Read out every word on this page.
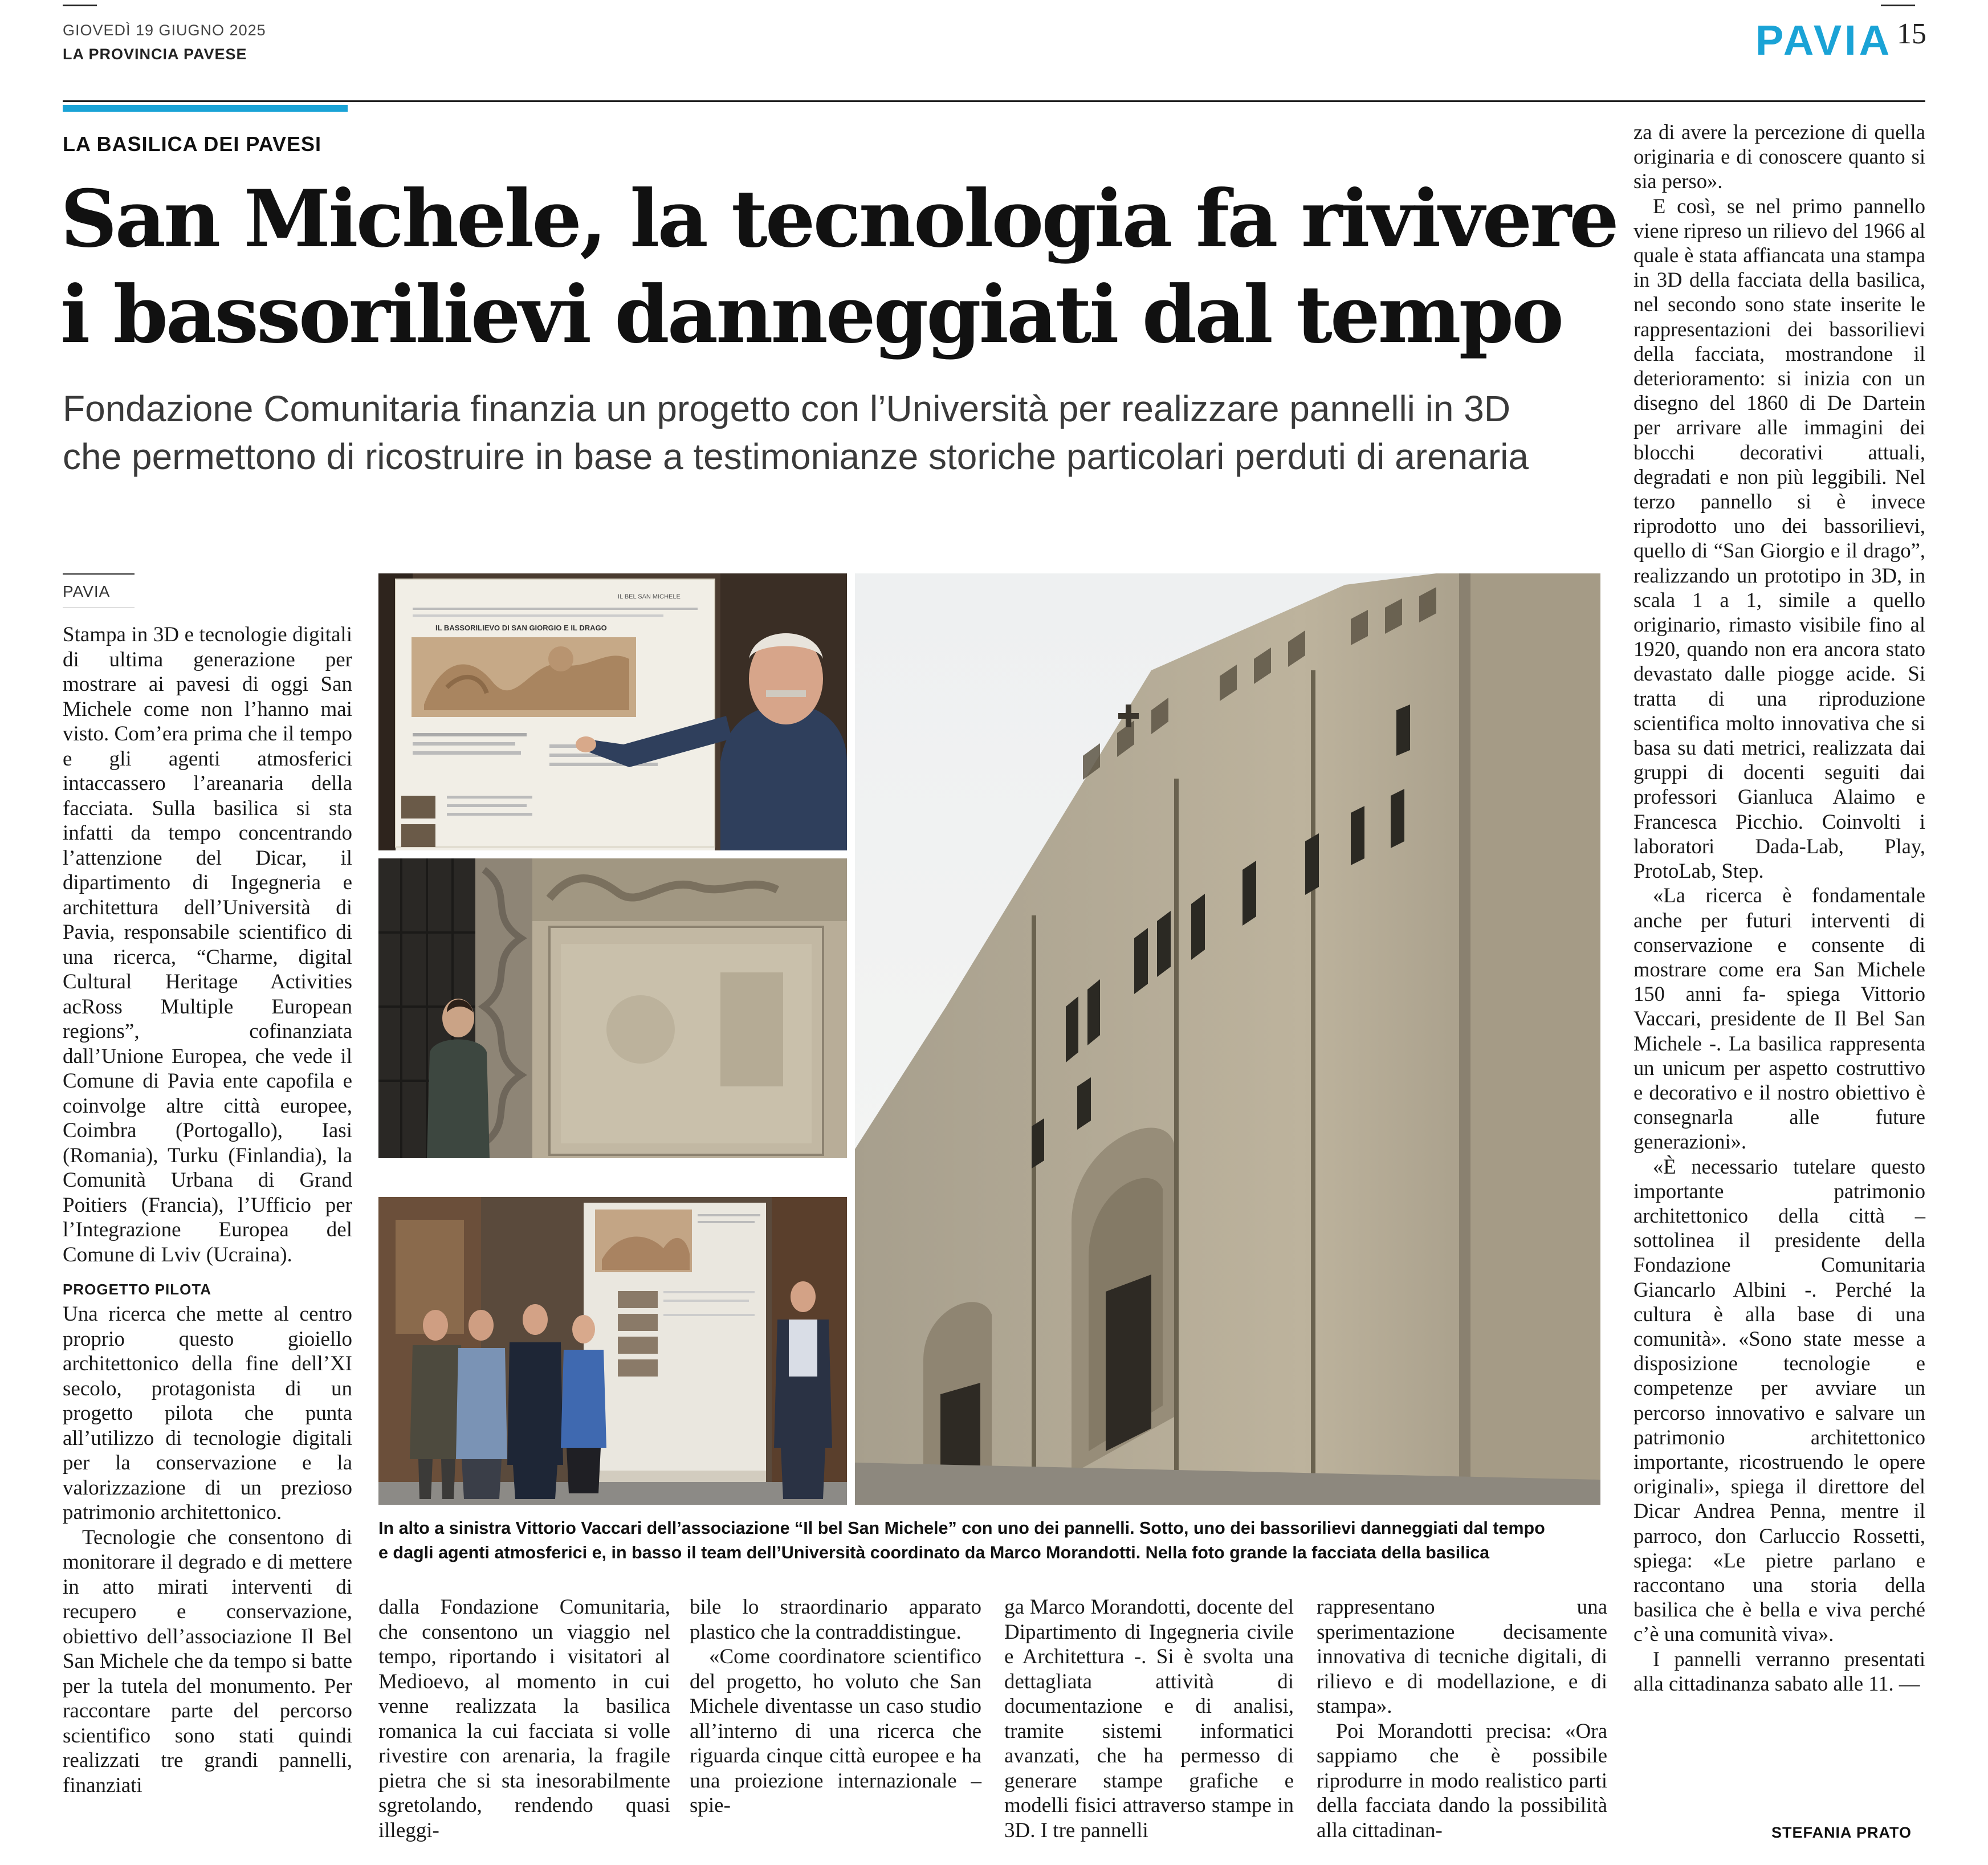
GIOVEDÌ 19 GIUGNO 2025
LA PROVINCIA PAVESE	PAVIA 15
LA BASILICA DEI PAVESI
San Michele, la tecnologia fa rivivere
i bassorilievi danneggiati dal tempo
Fondazione Comunitaria finanzia un progetto con l’Università per realizzare pannelli in 3D
che permettono di ricostruire in base a testimonianze storiche particolari perduti di arenaria
PAVIA

Stampa in 3D e tecnologie digitali di ultima generazione per mostrare ai pavesi di oggi San Michele come non l’hanno mai visto. Com’era prima che il tempo e gli agenti atmosferici intaccassero l’areanaria della facciata. Sulla basilica si sta infatti da tempo concentrando l’attenzione del Dicar, il dipartimento di Ingegneria e architettura dell’Università di Pavia, responsabile scientifico di una ricerca, “Charme, digital Cultural Heritage Activities acRoss Multiple European regions”, cofinanziata dall’Unione Europea, che vede il Comune di Pavia ente capofila e coinvolge altre città europee, Coimbra (Portogallo), Iasi (Romania), Turku (Finlandia), la Comunità Urbana di Grand Poitiers (Francia), l’Ufficio per l’Integrazione Europea del Comune di Lviv (Ucraina).

PROGETTO PILOTA

Una ricerca che mette al centro proprio questo gioiello architettonico della fine dell’XI secolo, protagonista di un progetto pilota che punta all’utilizzo di tecnologie digitali per la conservazione e la valorizzazione di un prezioso patrimonio architettonico.

Tecnologie che consentono di monitorare il degrado e di mettere in atto mirati interventi di recupero e conservazione, obiettivo dell’associazione Il Bel San Michele che da tempo si batte per la tutela del monumento. Per raccontare parte del percorso scientifico sono stati quindi realizzati tre grandi pannelli, finanziati

dalla Fondazione Comunitaria, che consentono un viaggio nel tempo, riportando i visitatori al Medioevo, al momento in cui venne realizzata la basilica romanica la cui facciata si volle rivestire con arenaria, la fragile pietra che si sta inesorabilmente sgretolando, rendendo quasi illeggi-

bile lo straordinario apparato plastico che la contraddistingue.

«Come coordinatore scientifico del progetto, ho voluto che San Michele diventasse un caso studio all’interno di una ricerca che riguarda cinque città europee e ha una proiezione internazionale – spie-

ga Marco Morandotti, docente del Dipartimento di Ingegneria civile e Architettura -. Si è svolta una dettagliata attività di documentazione e di analisi, tramite sistemi informatici avanzati, che ha permesso di generare stampe grafiche e modelli fisici attraverso stampe in 3D. I tre pannelli

rappresentano una sperimentazione decisamente innovativa di tecniche digitali, di rilievo e di modellazione, e di stampa».

Poi Morandotti precisa: «Ora sappiamo che è possibile riprodurre in modo realistico parti della facciata dando la possibilità alla cittadinan-

za di avere la percezione di quella originaria e di conoscere quanto si sia perso».

E così, se nel primo pannello viene ripreso un rilievo del 1966 al quale è stata affiancata una stampa in 3D della facciata della basilica, nel secondo sono state inserite le rappresentazioni dei bassorilievi della facciata, mostrandone il deterioramento: si inizia con un disegno del 1860 di De Dartein per arrivare alle immagini dei blocchi decorativi attuali, degradati e non più leggibili. Nel terzo pannello si è invece riprodotto uno dei bassorilievi, quello di “San Giorgio e il drago”, realizzando un prototipo in 3D, in scala 1 a 1, simile a quello originario, rimasto visibile fino al 1920, quando non era ancora stato devastato dalle piogge acide. Si tratta di una riproduzione scientifica molto innovativa che si basa su dati metrici, realizzata dai gruppi di docenti seguiti dai professori Gianluca Alaimo e Francesca Picchio. Coinvolti i laboratori Dada-Lab, Play, ProtoLab, Step.

«La ricerca è fondamentale anche per futuri interventi di conservazione e consente di mostrare come era San Michele 150 anni fa- spiega Vittorio Vaccari, presidente de Il Bel San Michele -. La basilica rappresenta un unicum per aspetto costruttivo e decorativo e il nostro obiettivo è consegnarla alle future generazioni».

«È necessario tutelare questo importante patrimonio architettonico della città – sottolinea il presidente della Fondazione Comunitaria Giancarlo Albini -. Perché la cultura è alla base di una comunità». «Sono state messe a disposizione tecnologie e competenze per avviare un percorso innovativo e salvare un patrimonio architettonico importante, ricostruendo le opere originali», spiega il direttore del Dicar Andrea Penna, mentre il parroco, don Carluccio Rossetti, spiega: «Le pietre parlano e raccontano una storia della basilica che è bella e viva perché c’è una comunità viva».

I pannelli verranno presentati alla cittadinanza sabato alle 11. —

STEFANIA PRATO
IL BEL SAN MICHELE
IL BASSORILIEVO DI SAN GIORGIO E IL DRAGO
In alto a sinistra Vittorio Vaccari dell’associazione “Il bel San Michele” con uno dei pannelli. Sotto, uno dei bassorilievi danneggiati dal tempo
e dagli agenti atmosferici e, in basso il team dell’Università coordinato da Marco Morandotti. Nella foto grande la facciata della basilica
